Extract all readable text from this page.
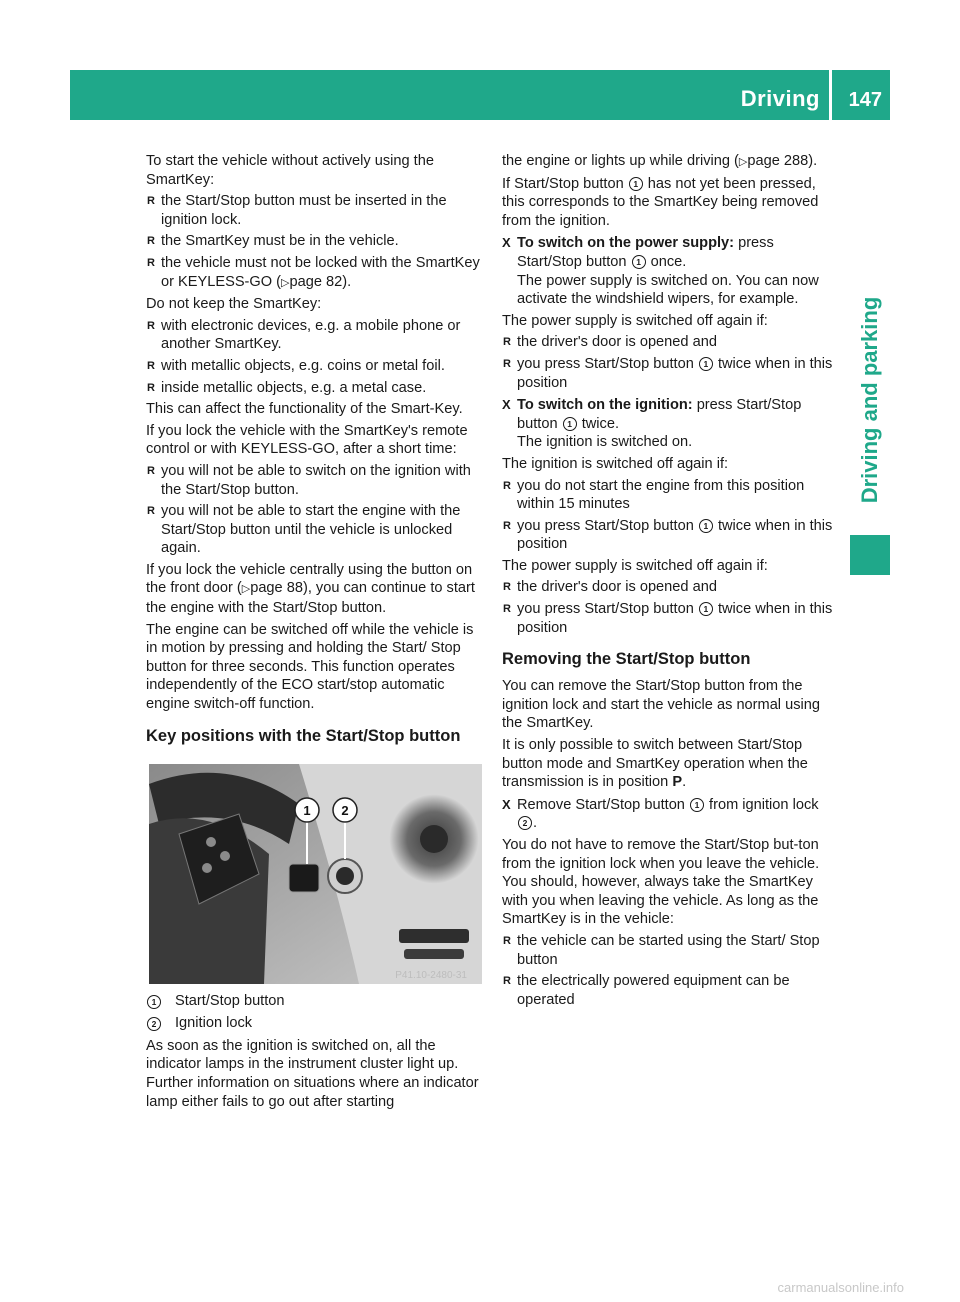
Driving 147
Driving and parking

To start the vehicle without actively using the SmartKey:

R the Start/Stop button must be inserted in the ignition lock.
R the SmartKey must be in the vehicle.
R the vehicle must not be locked with the SmartKey or KEYLESS-GO (▷page 82).

Do not keep the SmartKey:

R with electronic devices, e.g. a mobile phone or another SmartKey.
R with metallic objects, e.g. coins or metal foil.
R inside metallic objects, e.g. a metal case.

This can affect the functionality of the Smart-Key.

If you lock the vehicle with the SmartKey's remote control or with KEYLESS-GO, after a short time:

R you will not be able to switch on the ignition with the Start/Stop button.
R you will not be able to start the engine with the Start/Stop button until the vehicle is unlocked again.

If you lock the vehicle centrally using the button on the front door (▷page 88), you can continue to start the engine with the Start/Stop button.

The engine can be switched off while the vehicle is in motion by pressing and holding the Start/ Stop button for three seconds. This function operates independently of the ECO start/stop automatic engine switch-off function.

Key positions with the Start/Stop button
1 2
P41.10-2480-31
1	Start/Stop button
2	Ignition lock

As soon as the ignition is switched on, all the indicator lamps in the instrument cluster light up. Further information on situations where an indicator lamp either fails to go out after starting

the engine or lights up while driving (▷page 288).

If Start/Stop button 1 has not yet been pressed, this corresponds to the SmartKey being removed from the ignition.

X To switch on the power supply: press Start/Stop button 1 once.
The power supply is switched on. You can now activate the windshield wipers, for example.

The power supply is switched off again if:

R the driver's door is opened and
R you press Start/Stop button 1 twice when in this position
X To switch on the ignition: press Start/Stop button 1 twice.
The ignition is switched on.

The ignition is switched off again if:

R you do not start the engine from this position within 15 minutes
R you press Start/Stop button 1 twice when in this position

The power supply is switched off again if:

R the driver's door is opened and
R you press Start/Stop button 1 twice when in this position
Removing the Start/Stop button

You can remove the Start/Stop button from the ignition lock and start the vehicle as normal using the SmartKey.

It is only possible to switch between Start/Stop button mode and SmartKey operation when the transmission is in position P.

X Remove Start/Stop button 1 from ignition lock 2 .

You do not have to remove the Start/Stop but-ton from the ignition lock when you leave the vehicle. You should, however, always take the SmartKey with you when leaving the vehicle. As long as the SmartKey is in the vehicle:

R the vehicle can be started using the Start/ Stop button
R the electrically powered equipment can be operated
carmanualsonline.info
